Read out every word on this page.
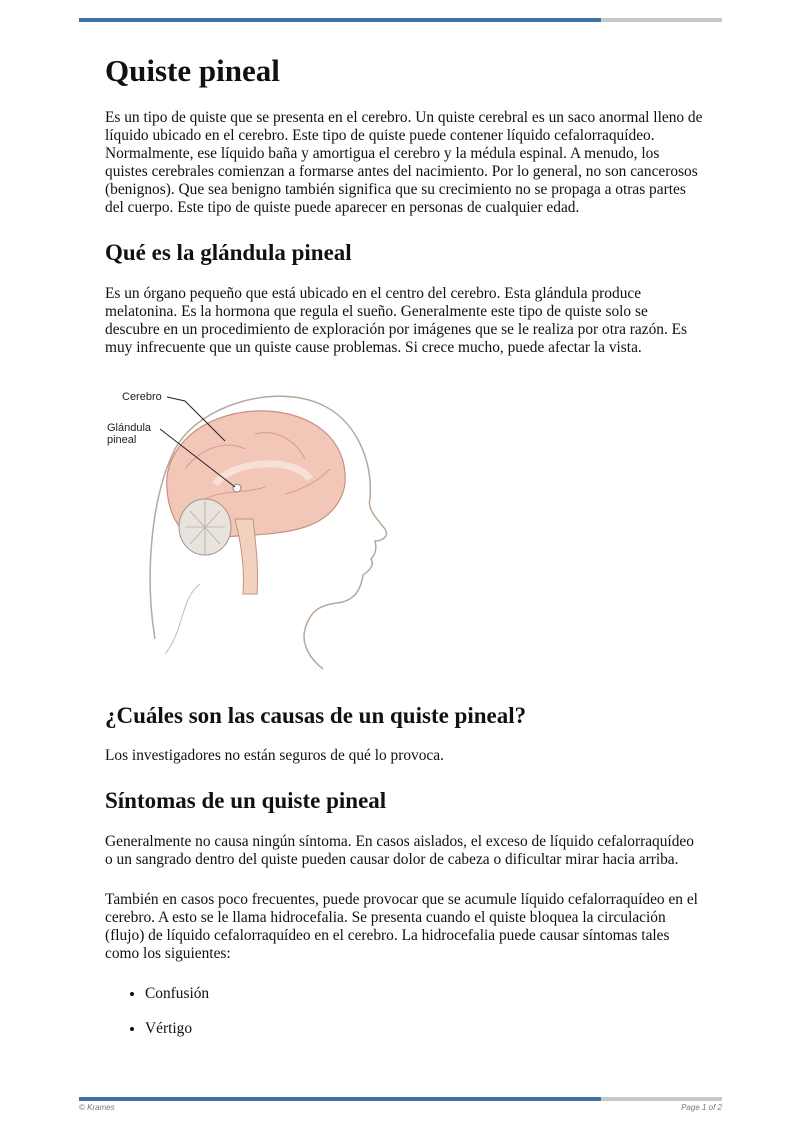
Quiste pineal

Es un tipo de quiste que se presenta en el cerebro. Un quiste cerebral es un saco anormal lleno de líquido ubicado en el cerebro. Este tipo de quiste puede contener líquido cefalorraquídeo. Normalmente, ese líquido baña y amortigua el cerebro y la médula espinal. A menudo, los quistes cerebrales comienzan a formarse antes del nacimiento. Por lo general, no son cancerosos (benignos). Que sea benigno también significa que su crecimiento no se propaga a otras partes del cuerpo. Este tipo de quiste puede aparecer en personas de cualquier edad.

Qué es la glándula pineal

Es un órgano pequeño que está ubicado en el centro del cerebro. Esta glándula produce melatonina. Es la hormona que regula el sueño. Generalmente este tipo de quiste solo se descubre en un procedimiento de exploración por imágenes que se le realiza por otra razón. Es muy infrecuente que un quiste cause problemas. Si crece mucho, puede afectar la vista.

Cerebro
Glándula
pineal
¿Cuáles son las causas de un quiste pineal?

Los investigadores no están seguros de qué lo provoca.

Síntomas de un quiste pineal

Generalmente no causa ningún síntoma. En casos aislados, el exceso de líquido cefalorraquídeo o un sangrado dentro del quiste pueden causar dolor de cabeza o dificultar mirar hacia arriba.

También en casos poco frecuentes, puede provocar que se acumule líquido cefalorraquídeo en el cerebro. A esto se le llama hidrocefalia. Se presenta cuando el quiste bloquea la circulación (flujo) de líquido cefalorraquídeo en el cerebro. La hidrocefalia puede causar síntomas tales como los siguientes:

• Confusión
• Vértigo
© Krames	Page 1 of 2
